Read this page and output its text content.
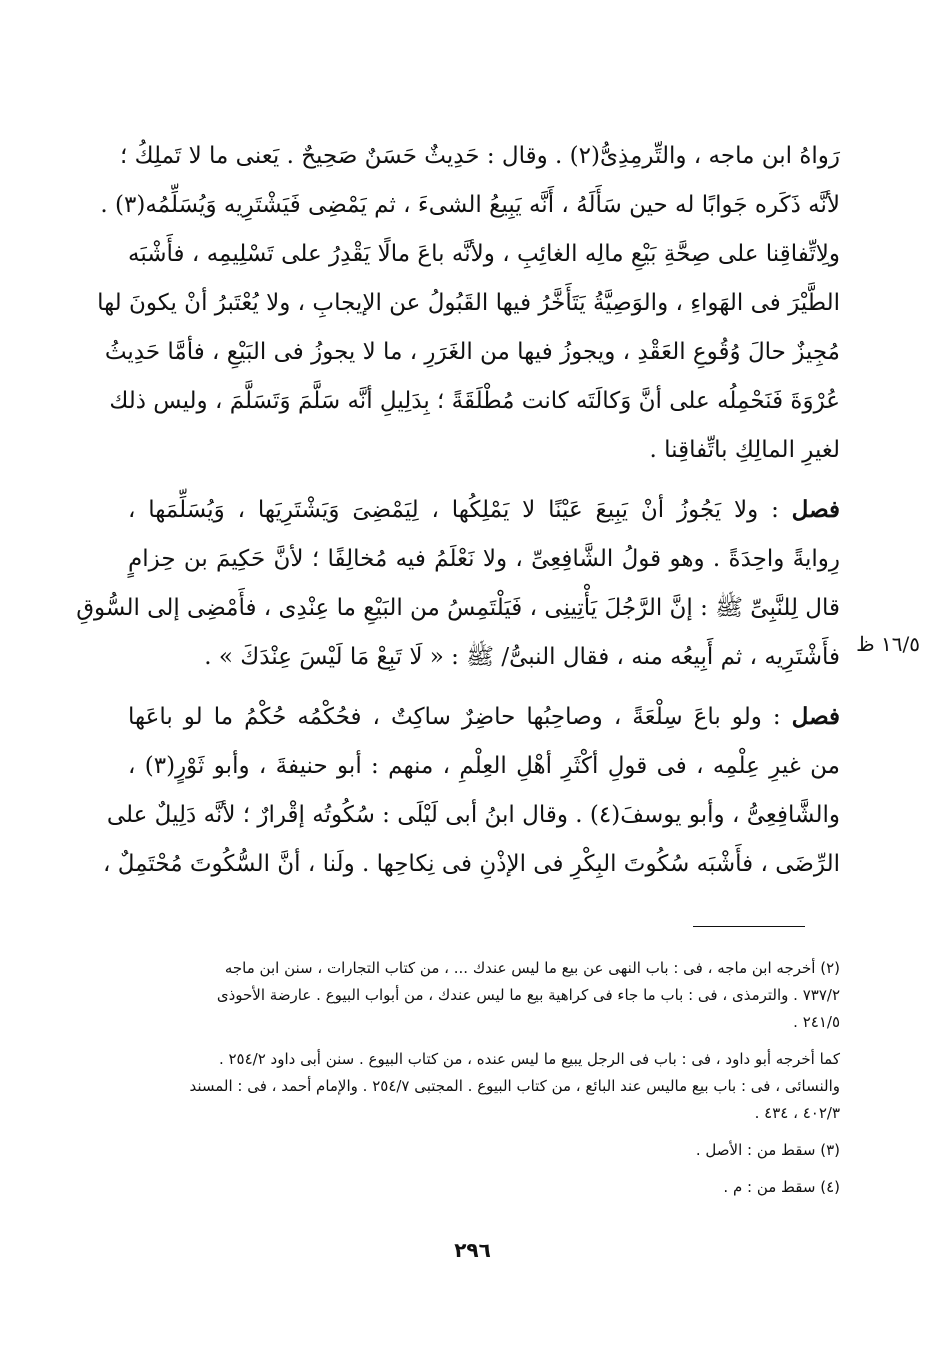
رَواهُ ابن ماجه ، والتِّرمِذِىُّ(٢) . وقال : حَدِيثٌ حَسَنٌ صَحِيحٌ . يَعنى ما لا تَملِكُ ؛
لأنَّه ذَكَره جَوابًا له حين سَأَلَهُ ، أَنَّه يَبِيعُ الشىءَ ، ثم يَمْضِى فَيَشْتَرِيه وَيُسَلِّمُه(٣) .
ولِاتِّفاقِنا على صِحَّةِ بَيْعِ مالِه الغائِبِ ، ولأنَّه باعَ مالًا يَقْدِرُ على تَسْلِيمِه ، فأَشْبَه
الطَّيْرَ فى الهَواءِ ، والوَصِيَّةُ يَتَأَخَّرُ فيها القَبُولُ عن الإيجابِ ، ولا يُعْتَبرُ أنْ يكونَ لها
مُجِيزٌ حالَ وُقُوعِ العَقْدِ ، ويجوزُ فيها من الغَرَرِ ، ما لا يجوزُ فى البَيْعِ ، فأمَّا حَدِيثُ
عُرْوَةَ فَنَحْمِلُه على أنَّ وَكالَتَه كانت مُطْلَقَةً ؛ بِدَلِيلِ أنَّه سَلَّمَ وَتَسَلَّمَ ، وليس ذلك
لغيرِ المالِكِ باتِّفاقِنا .

فصل : ولا يَجُوزُ أنْ يَبِيعَ عَيْنًا لا يَمْلِكُها ، لِيَمْضِىَ وَيَشْتَرِيَها ، وَيُسَلِّمَها ،
رِوايةً واحِدَةً . وهو قولُ الشَّافِعِىِّ ، ولا نَعْلَمُ فيه مُخالِفًا ؛ لأنَّ حَكِيمَ بن حِزامٍ
قال لِلنَّبِىِّ ﷺ : إنَّ الرَّجُلَ يَأْتِينِى ، فَيَلْتَمِسُ من البَيْعِ ما عِنْدِى ، فأَمْضِى إلى السُّوقِ
فأَشْتَرِيه ، ثم أَبِيعُه منه ، فقال النبىُّ/ ﷺ : « لَا تَبِعْ مَا لَيْسَ عِنْدَكَ » .

فصل : ولو باعَ سِلْعَةً ، وصاحِبُها حاضِرٌ ساكِتٌ ، فحُكْمُه حُكْمُ ما لو باعَها
من غيرِ عِلْمِه ، فى قولِ أكْثَرِ أهْلِ العِلْمِ ، منهم : أبو حنيفةَ ، وأبو ثَوْرٍ(٣) ،
والشَّافِعِىُّ ، وأبو يوسفَ(٤) . وقال ابنُ أبى لَيْلَى : سُكُوتُه إقْرارٌ ؛ لأنَّه دَلِيلٌ على
الرِّضَى ، فأَشْبَه سُكُوتَ البِكْرِ فى الإذْنِ فى نِكاحِها . ولَنا ، أنَّ السُّكُوتَ مُحْتَمِلٌ ،

١٦/٥ ظ

(٢) أخرجه ابن ماجه ، فى : باب النهى عن بيع ما ليس عندك ... ، من كتاب التجارات ، سنن ابن ماجه
٧٣٧/٢ . والترمذى ، فى : باب ما جاء فى كراهية بيع ما ليس عندك ، من أبواب البيوع . عارضة الأحوذى
٢٤١/٥ .

كما أخرجه أبو داود ، فى : باب فى الرجل يبيع ما ليس عنده ، من كتاب البيوع . سنن أبى داود ٢٥٤/٢ .
والنسائى ، فى : باب بيع ماليس عند البائع ، من كتاب البيوع . المجتبى ٢٥٤/٧ . والإمام أحمد ، فى : المسند
٤٠٢/٣ ، ٤٣٤ .

(٣) سقط من : الأصل .

(٤) سقط من : م .

٢٩٦
